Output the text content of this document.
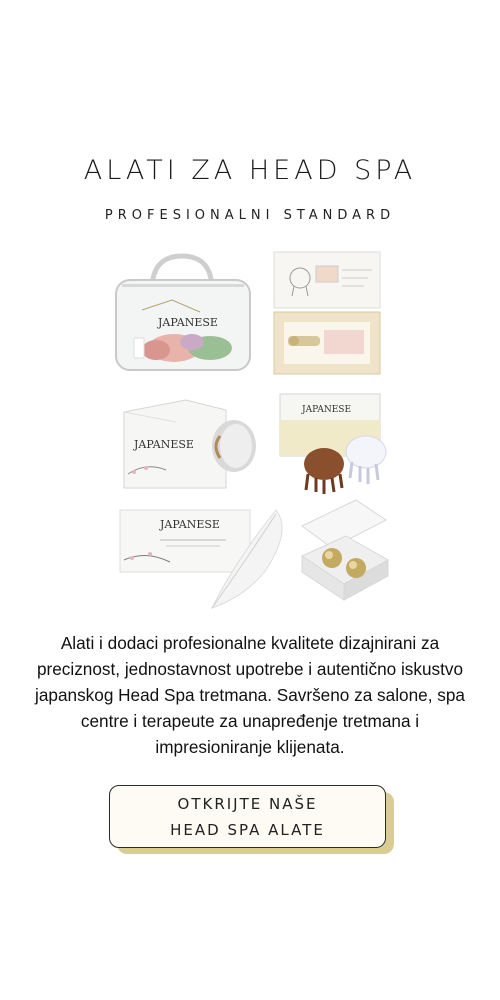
ALATI ZA HEAD SPA
PROFESIONALNI STANDARD
JAPANESE
JAPANESE
JAPANESE
JAPANESE

Alati i dodaci profesionalne kvalitete dizajnirani za preciznost, jednostavnost upotrebe i autentično iskustvo japanskog Head Spa tretmana. Savršeno za salone, spa centre i terapeute za unapređenje tretmana i impresioniranje klijenata.

OTKRIJTE NAŠE
HEAD SPA ALATE
